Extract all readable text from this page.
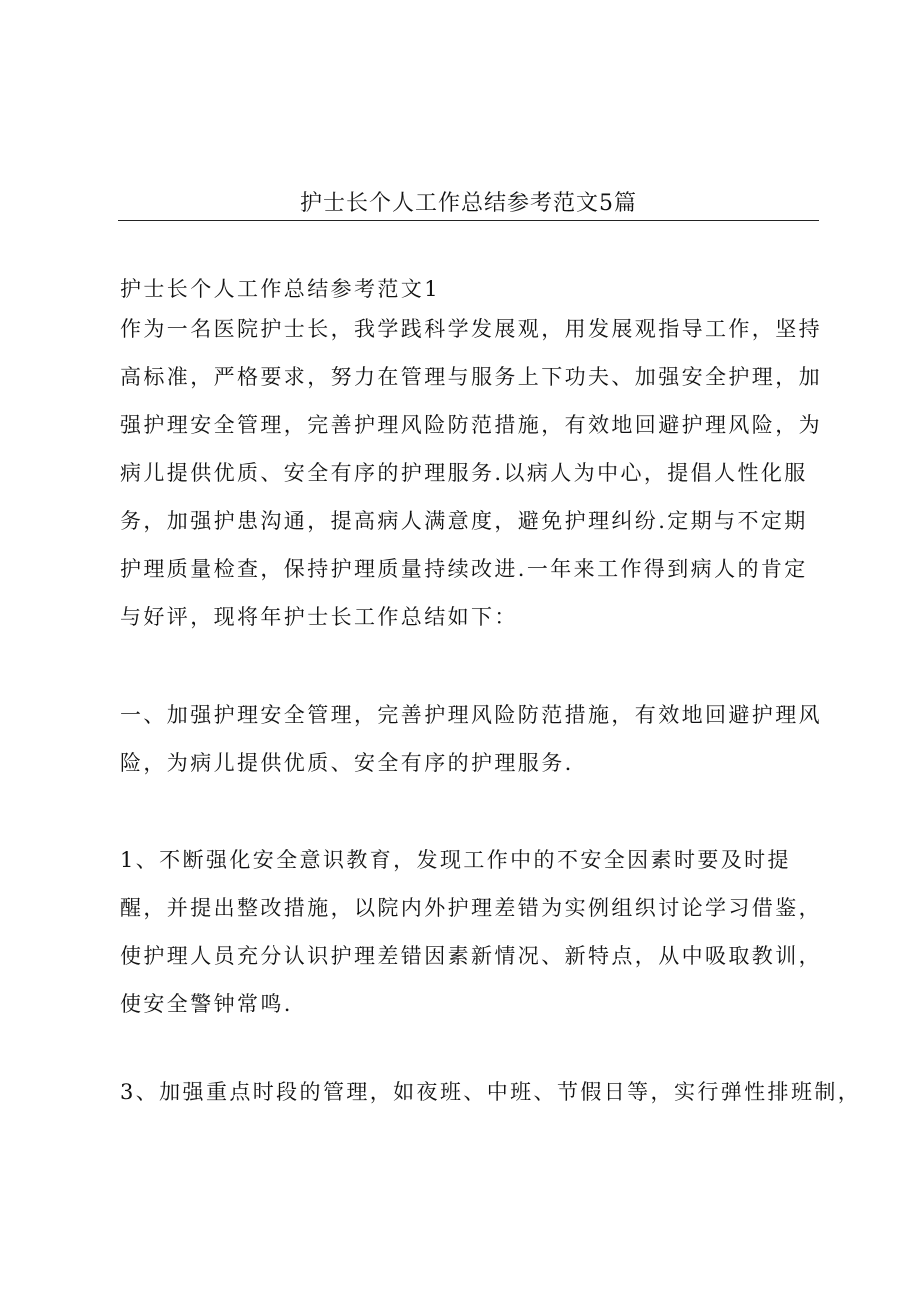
护士长个人工作总结参考范文5篇
护士长个人工作总结参考范文1
作为一名医院护士长，我学践科学发展观，用发展观指导工作，坚持
高标准，严格要求，努力在管理与服务上下功夫、加强安全护理，加
强护理安全管理，完善护理风险防范措施，有效地回避护理风险，为
病儿提供优质、安全有序的护理服务.以病人为中心，提倡人性化服
务，加强护患沟通，提高病人满意度，避免护理纠纷.定期与不定期
护理质量检查，保持护理质量持续改进.一年来工作得到病人的肯定
与好评，现将年护士长工作总结如下：
一、加强护理安全管理，完善护理风险防范措施，有效地回避护理风
险，为病儿提供优质、安全有序的护理服务.
1、不断强化安全意识教育，发现工作中的不安全因素时要及时提
醒，并提出整改措施，以院内外护理差错为实例组织讨论学习借鉴，
使护理人员充分认识护理差错因素新情况、新特点，从中吸取教训，
使安全警钟常鸣.
3、加强重点时段的管理，如夜班、中班、节假日等，实行弹性排班制，
